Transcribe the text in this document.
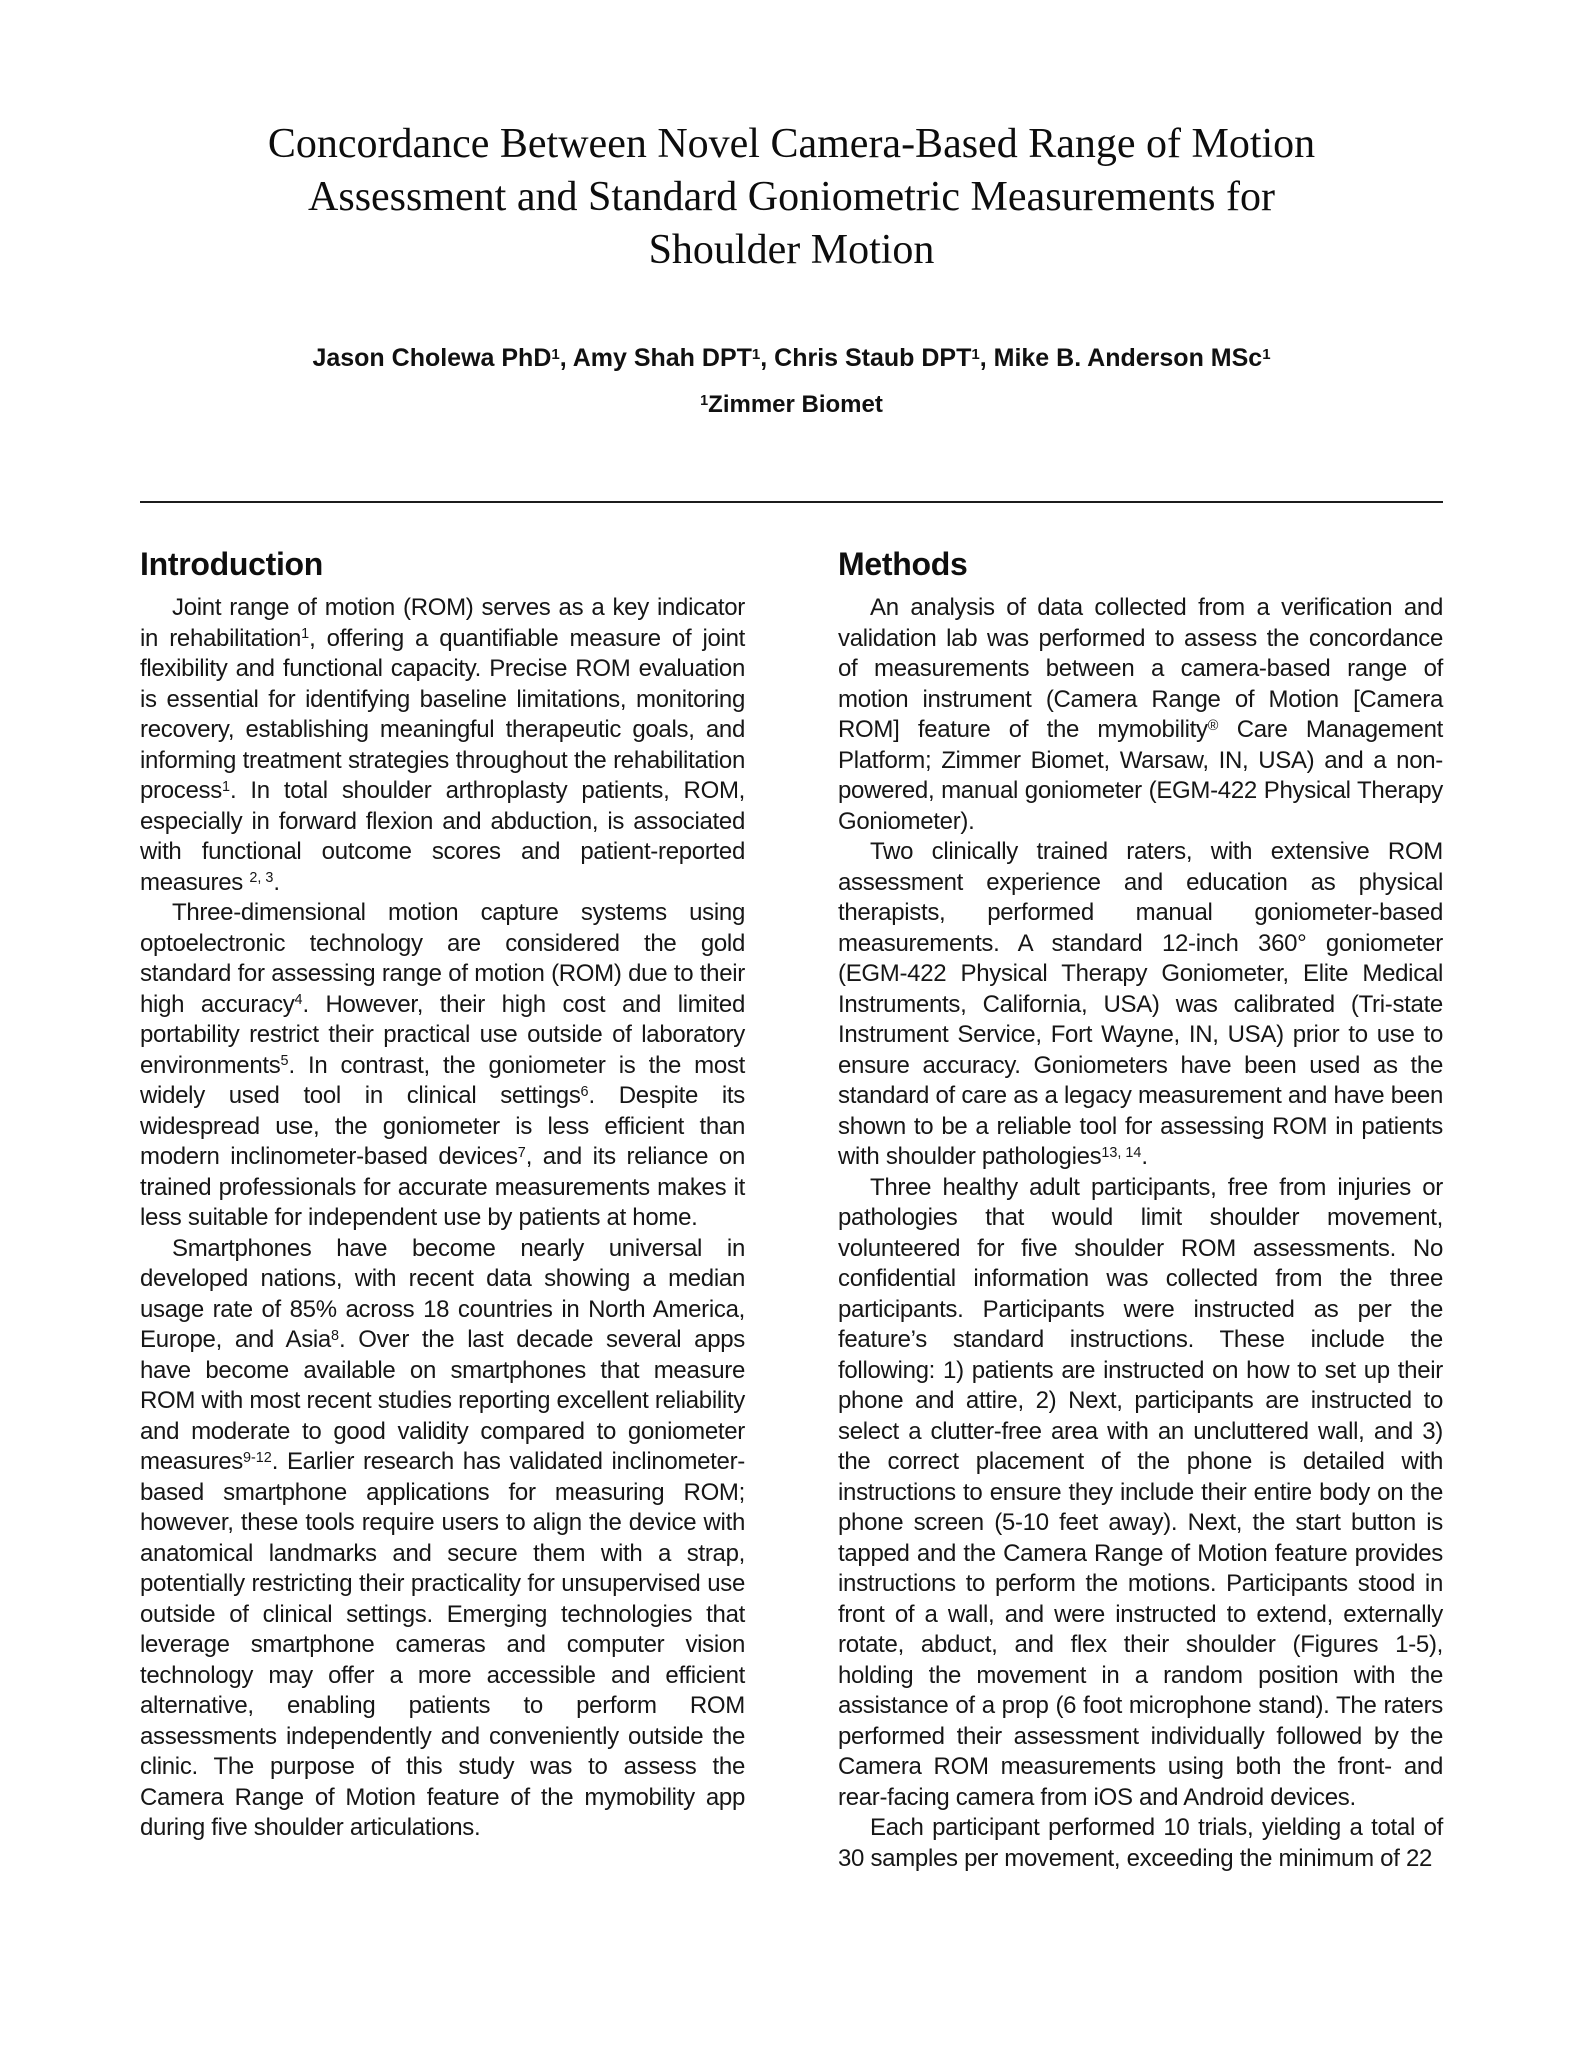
Concordance Between Novel Camera-Based Range of Motion
Assessment and Standard Goniometric Measurements for
Shoulder Motion

Jason Cholewa PhD$^1$, Amy Shah DPT$^1$, Chris Staub DPT$^1$, Mike B. Anderson MSc$^1$

$^1$Zimmer Biomet

Introduction

Joint range of motion (ROM) serves as a key indicator in rehabilitation$^1$, offering a quantifiable measure of joint flexibility and functional capacity. Precise ROM evaluation is essential for identifying baseline limitations, monitoring recovery, establishing meaningful therapeutic goals, and informing treatment strategies throughout the rehabilitation process$^1$. In total shoulder arthroplasty patients, ROM, especially in forward flexion and abduction, is associated with functional outcome scores and patient-reported measures $^{2, 3}$.

Three-dimensional motion capture systems using optoelectronic technology are considered the gold standard for assessing range of motion (ROM) due to their high accuracy$^4$. However, their high cost and limited portability restrict their practical use outside of laboratory environments$^5$. In contrast, the goniometer is the most widely used tool in clinical settings$^6$. Despite its widespread use, the goniometer is less efficient than modern inclinometer-based devices$^7$, and its reliance on trained professionals for accurate measurements makes it less suitable for independent use by patients at home.

Smartphones have become nearly universal in developed nations, with recent data showing a median usage rate of 85% across 18 countries in North America, Europe, and Asia$^8$. Over the last decade several apps have become available on smartphones that measure ROM with most recent studies reporting excellent reliability and moderate to good validity compared to goniometer measures$^{9-12}$. Earlier research has validated inclinometer-based smartphone applications for measuring ROM; however, these tools require users to align the device with anatomical landmarks and secure them with a strap, potentially restricting their practicality for unsupervised use outside of clinical settings. Emerging technologies that leverage smartphone cameras and computer vision technology may offer a more accessible and efficient alternative, enabling patients to perform ROM assessments independently and conveniently outside the clinic. The purpose of this study was to assess the Camera Range of Motion feature of the mymobility app during five shoulder articulations.

Methods

An analysis of data collected from a verification and validation lab was performed to assess the concordance of measurements between a camera-based range of motion instrument (Camera Range of Motion [Camera ROM] feature of the mymobility® Care Management Platform; Zimmer Biomet, Warsaw, IN, USA) and a non-powered, manual goniometer (EGM-422 Physical Therapy Goniometer).

Two clinically trained raters, with extensive ROM assessment experience and education as physical therapists, performed manual goniometer-based measurements. A standard 12-inch 360° goniometer (EGM-422 Physical Therapy Goniometer, Elite Medical Instruments, California, USA) was calibrated (Tri-state Instrument Service, Fort Wayne, IN, USA) prior to use to ensure accuracy. Goniometers have been used as the standard of care as a legacy measurement and have been shown to be a reliable tool for assessing ROM in patients with shoulder pathologies$^{13, 14}$.

Three healthy adult participants, free from injuries or pathologies that would limit shoulder movement, volunteered for five shoulder ROM assessments. No confidential information was collected from the three participants. Participants were instructed as per the feature’s standard instructions. These include the following: 1) patients are instructed on how to set up their phone and attire, 2) Next, participants are instructed to select a clutter-free area with an uncluttered wall, and 3) the correct placement of the phone is detailed with instructions to ensure they include their entire body on the phone screen (5-10 feet away). Next, the start button is tapped and the Camera Range of Motion feature provides instructions to perform the motions. Participants stood in front of a wall, and were instructed to extend, externally rotate, abduct, and flex their shoulder (Figures 1-5), holding the movement in a random position with the assistance of a prop (6 foot microphone stand). The raters performed their assessment individually followed by the Camera ROM measurements using both the front- and rear-facing camera from iOS and Android devices.

Each participant performed 10 trials, yielding a total of 30 samples per movement, exceeding the minimum of 22
